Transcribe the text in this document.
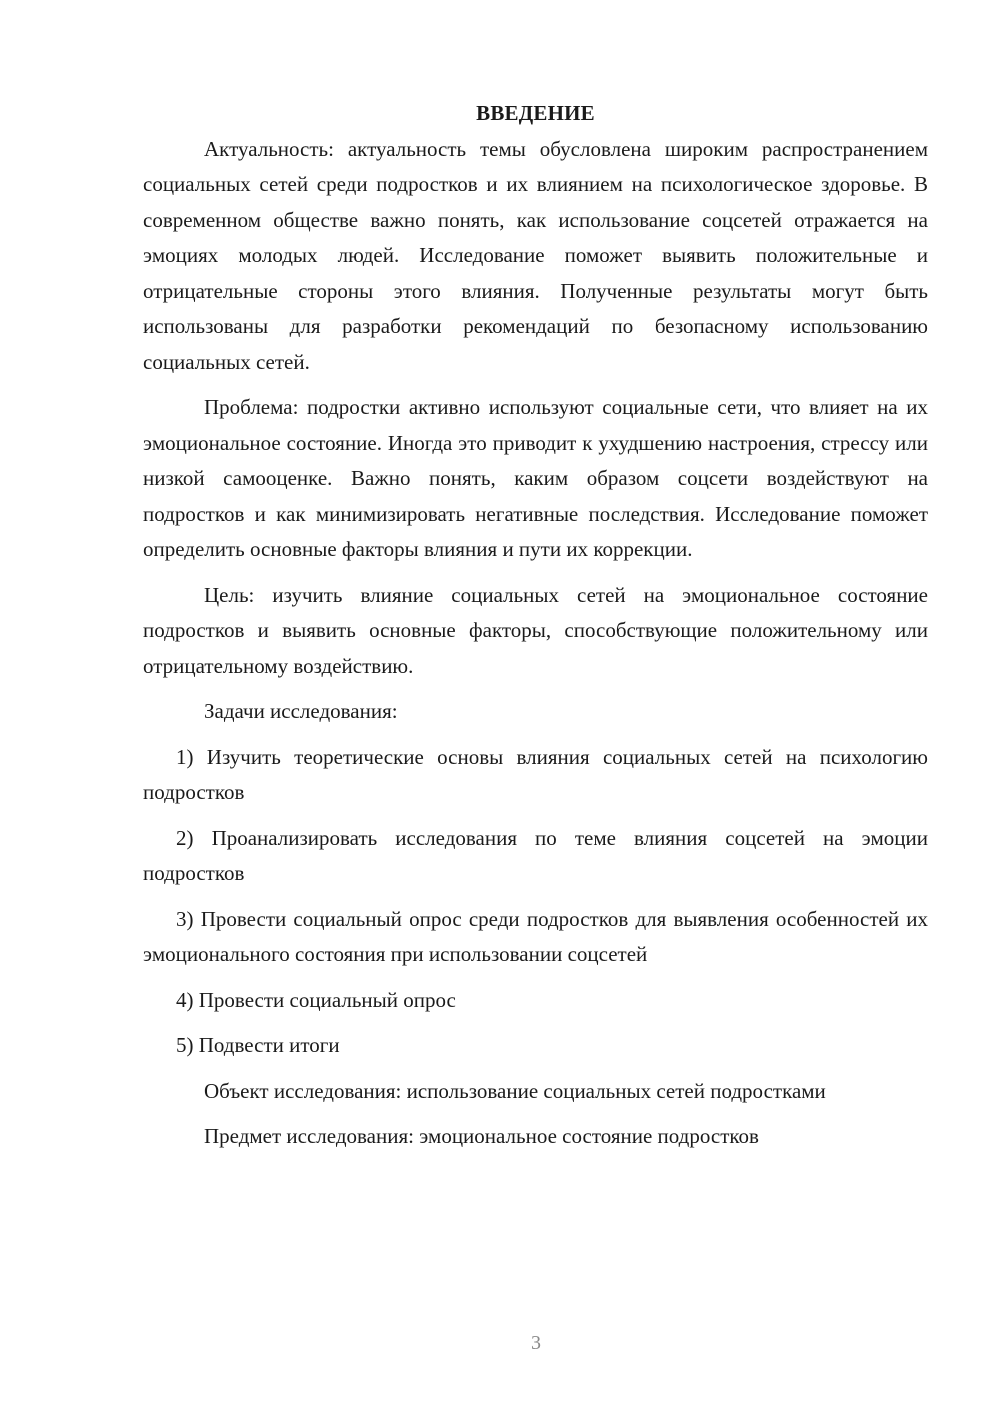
ВВЕДЕНИЕ

Актуальность: актуальность темы обусловлена широким распространением социальных сетей среди подростков и их влиянием на психологическое здоровье. В современном обществе важно понять, как использование соцсетей отражается на эмоциях молодых людей. Исследование поможет выявить положительные и отрицательные стороны этого влияния. Полученные результаты могут быть использованы для разработки рекомендаций по безопасному использованию социальных сетей.

Проблема: подростки активно используют социальные сети, что влияет на их эмоциональное состояние. Иногда это приводит к ухудшению настроения, стрессу или низкой самооценке. Важно понять, каким образом соцсети воздействуют на подростков и как минимизировать негативные последствия. Исследование поможет определить основные факторы влияния и пути их коррекции.

Цель: изучить влияние социальных сетей на эмоциональное состояние подростков и выявить основные факторы, способствующие положительному или отрицательному воздействию.

Задачи исследования:

1) Изучить теоретические основы влияния социальных сетей на психологию подростков

2) Проанализировать исследования по теме влияния соцсетей на эмоции подростков

3) Провести социальный опрос среди подростков для выявления особенностей их эмоционального состояния при использовании соцсетей

4) Провести социальный опрос

5) Подвести итоги

Объект исследования: использование социальных сетей подростками

Предмет исследования: эмоциональное состояние подростков

3
